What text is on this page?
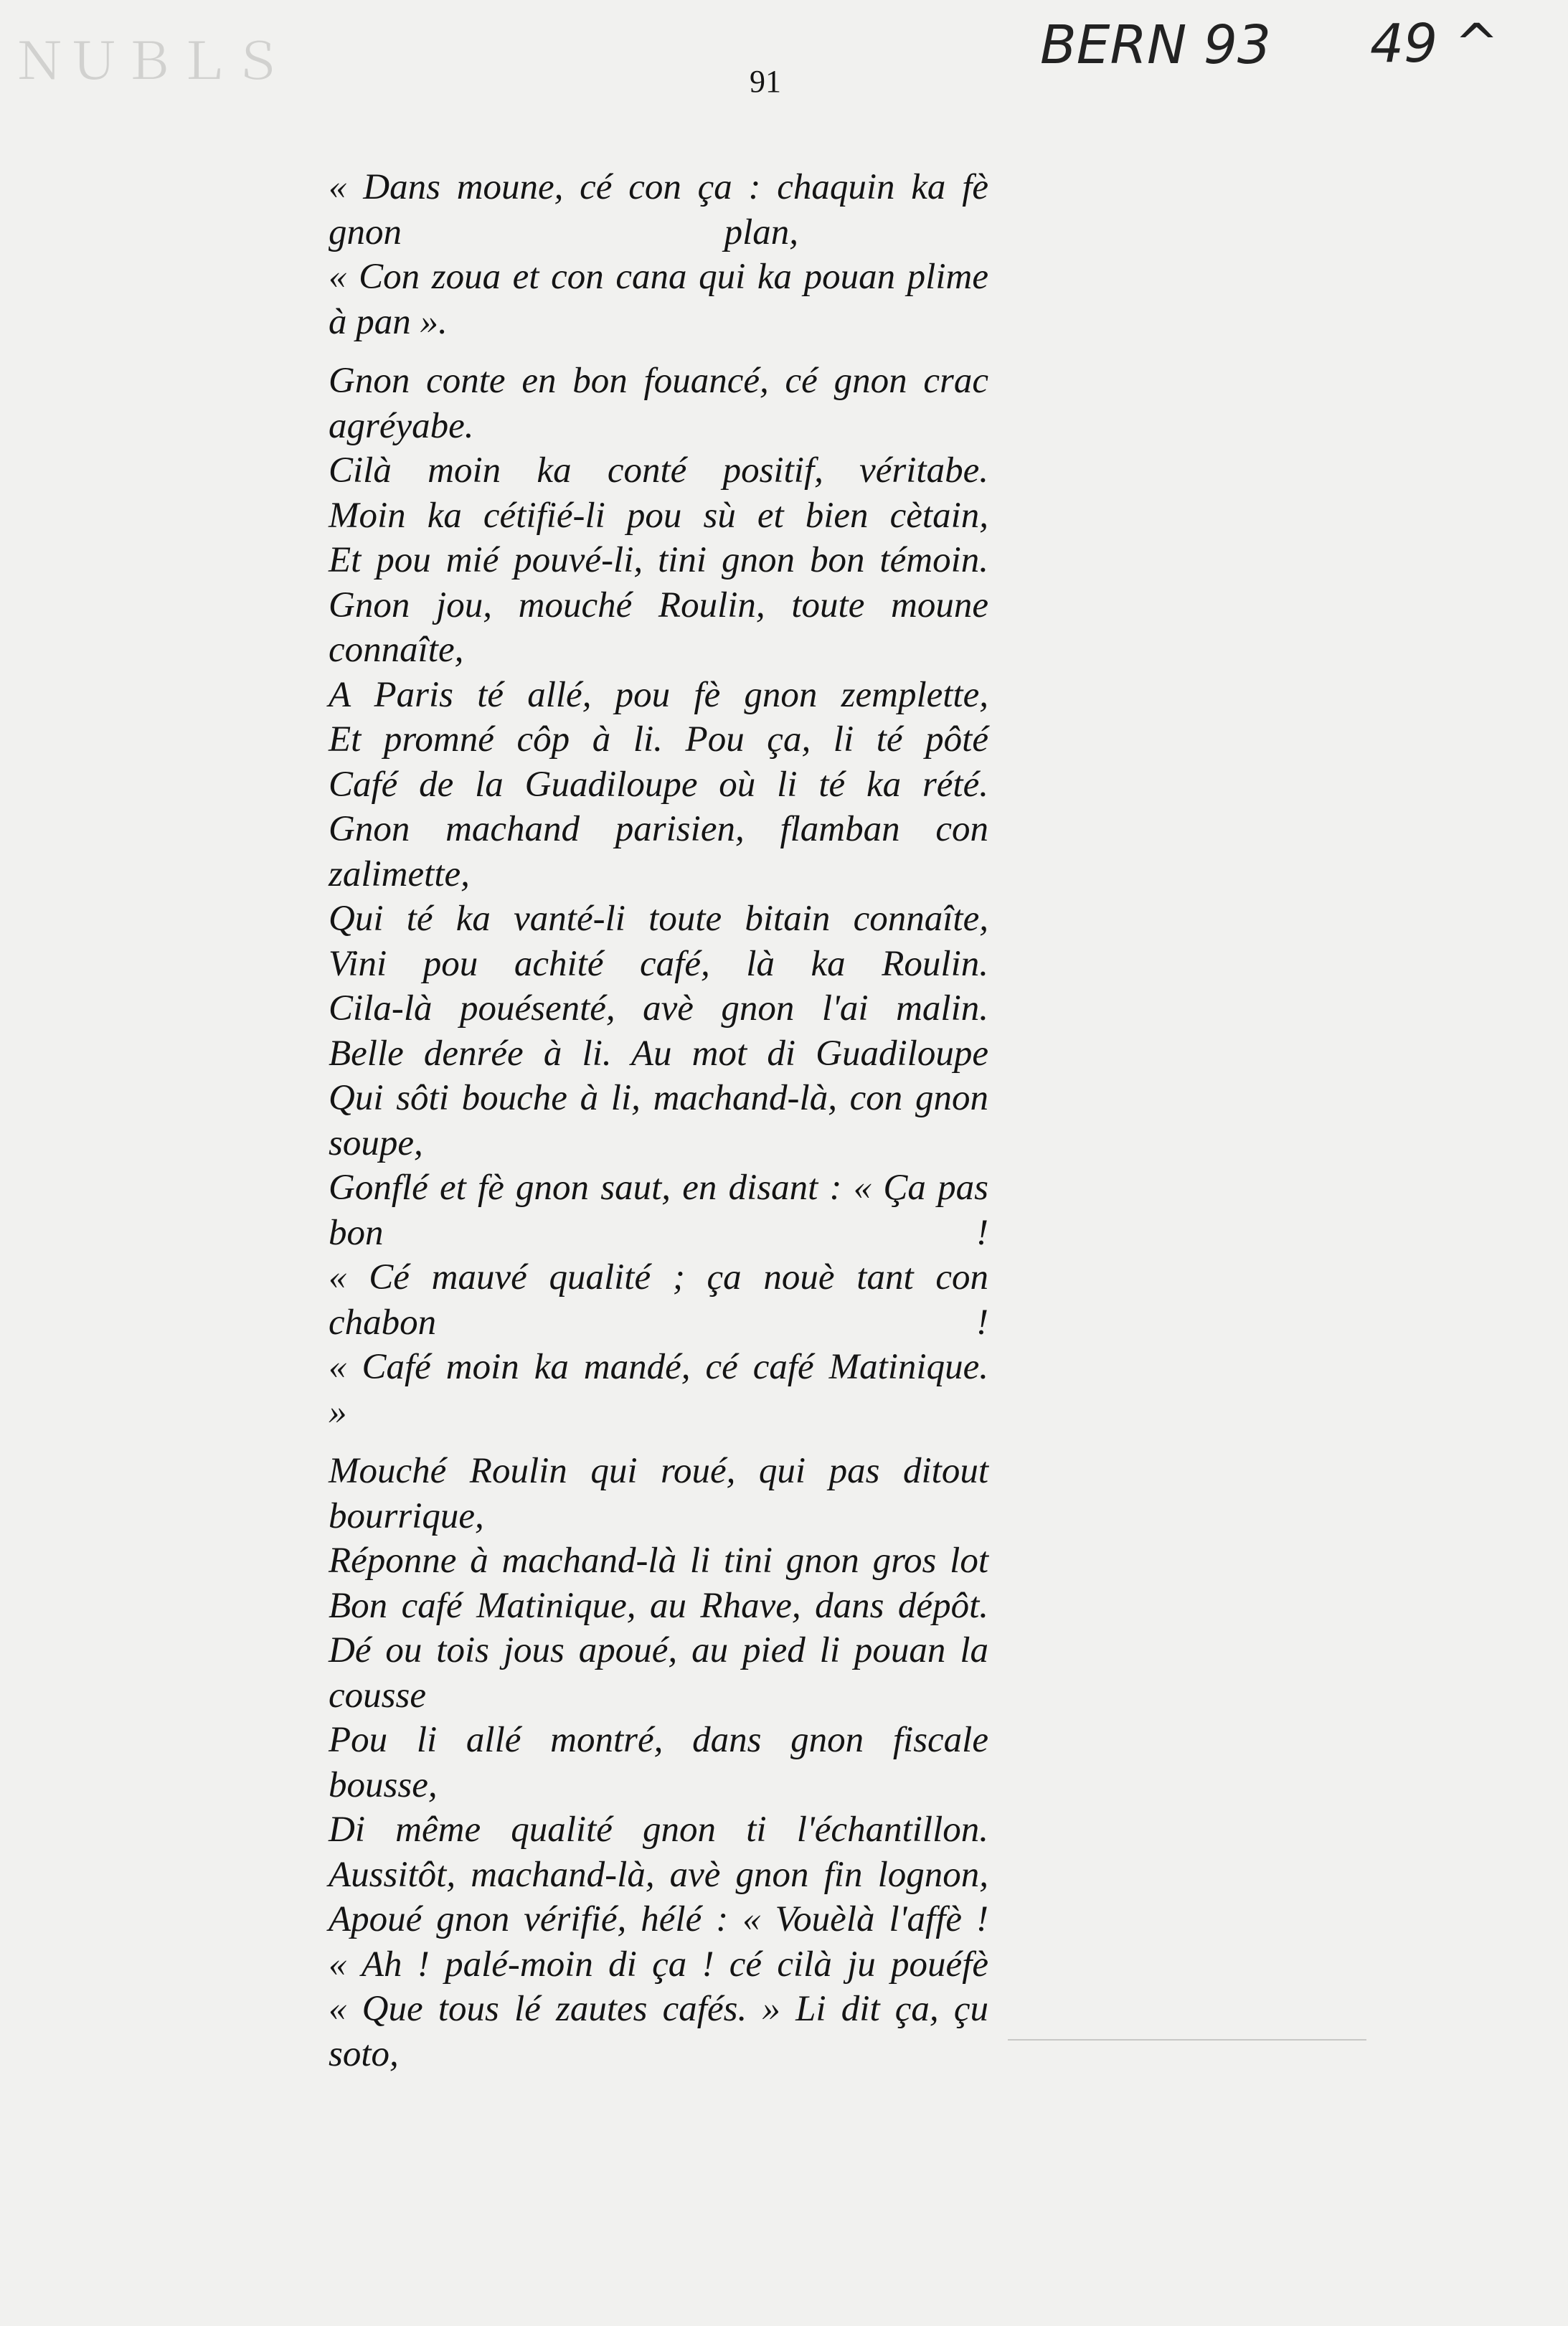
ＮＵＢＬＳ	91
BERN 93 49 ^
« Dans moune, cé con ça : chaquin ka fè
gnon	plan,
« Con zoua et con cana qui ka pouan plime
à pan ».
Gnon conte en bon fouancé, cé gnon crac
agréyabe.
Cilà moin ka conté positif, véritabe.
Moin ka cétifié-li pou sù et bien cètain,
Et pou mié pouvé-li, tini gnon bon témoin.
Gnon jou, mouché Roulin, toute moune
connaîte,
A Paris té allé, pou fè gnon zemplette,
Et promné côp à li. Pou ça, li té pôté
Café de la Guadiloupe où li té ka rété.
Gnon machand parisien, flamban con
zalimette,
Qui té ka vanté-li toute bitain connaîte,
Vini pou achité café, là ka Roulin.
Cila-là pouésenté, avè gnon l'ai malin.
Belle denrée à li. Au mot di Guadiloupe
Qui sôti bouche à li, machand-là, con gnon
soupe,
Gonflé et fè gnon saut, en disant : « Ça pas
bon	!
« Cé mauvé qualité ; ça nouè tant con
chabon	!
« Café moin ka mandé, cé café Matinique.
»
Mouché Roulin qui roué, qui pas ditout
bourrique,
Réponne à machand-là li tini gnon gros lot
Bon café Matinique, au Rhave, dans dépôt.
Dé ou tois jous apoué, au pied li pouan la
cousse
Pou li allé montré, dans gnon fiscale
bousse,
Di même qualité gnon ti l'échantillon.
Aussitôt, machand-là, avè gnon fin lognon,
Apoué gnon vérifié, hélé : « Vouèlà l'affè !
« Ah ! palé-moin di ça ! cé cilà ju pouéfè
« Que tous lé zautes cafés. » Li dit ça, çu
soto,
